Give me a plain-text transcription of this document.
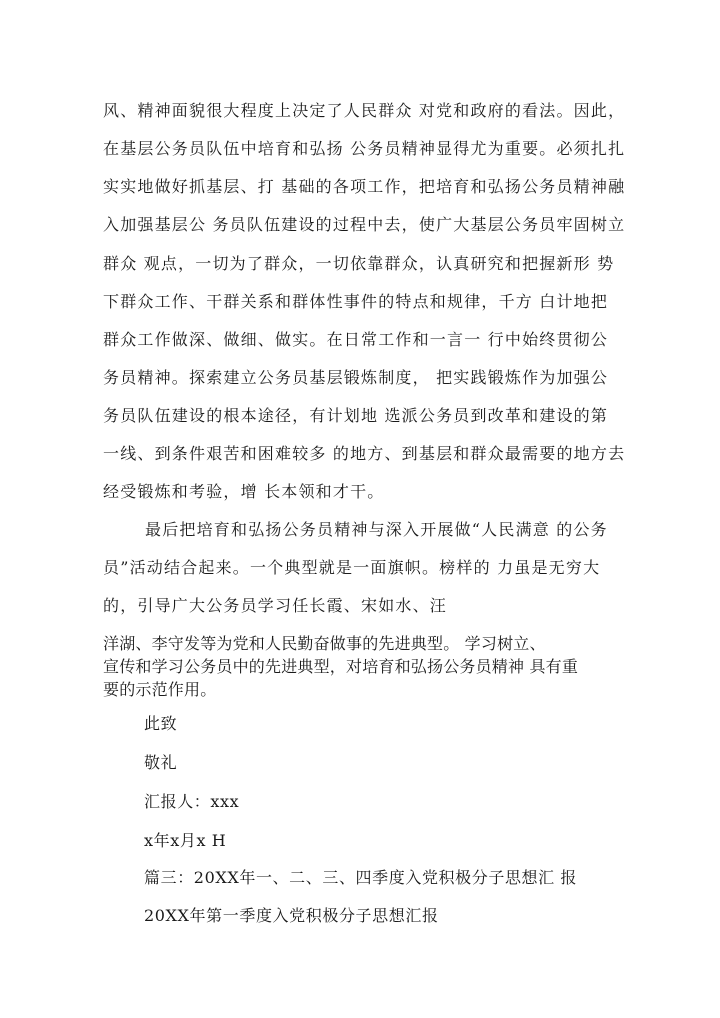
风、精神面貌很大程度上决定了人民群众 对党和政府的看法。因此，
在基层公务员队伍中培育和弘扬 公务员精神显得尤为重要。必须扎扎
实实地做好抓基层、打 基础的各项工作，把培育和弘扬公务员精神融
入加强基层公 务员队伍建设的过程中去，使广大基层公务员牢固树立
群众 观点，一切为了群众，一切依靠群众，认真研究和把握新形 势
下群众工作、干群关系和群体性事件的特点和规律，千方 白计地把
群众工作做深、做细、做实。在日常工作和一言一 行中始终贯彻公
务员精神。探索建立公务员基层锻炼制度， 把实践锻炼作为加强公
务员队伍建设的根本途径，有计划地 选派公务员到改革和建设的第
一线、到条件艰苦和困难较多 的地方、到基层和群众最需要的地方去
经受锻炼和考验，增 长本领和才干。
最后把培育和弘扬公务员精神与深入开展做“人民满意 的公务
员”活动结合起来。一个典型就是一面旗帜。榜样的 力虽是无穷大
的，引导广大公务员学习任长霞、宋如水、汪
洋湖、李守发等为党和人民勤奋做事的先进典型。 学习树立、
宣传和学习公务员中的先进典型，对培育和弘扬公务员精神 具有重
要的示范作用。
此致
敬礼
汇报人：xxx
x年x月x H
篇三：20XX年一、二、三、四季度入党积极分子思想汇 报
20XX年第一季度入党积极分子思想汇报
